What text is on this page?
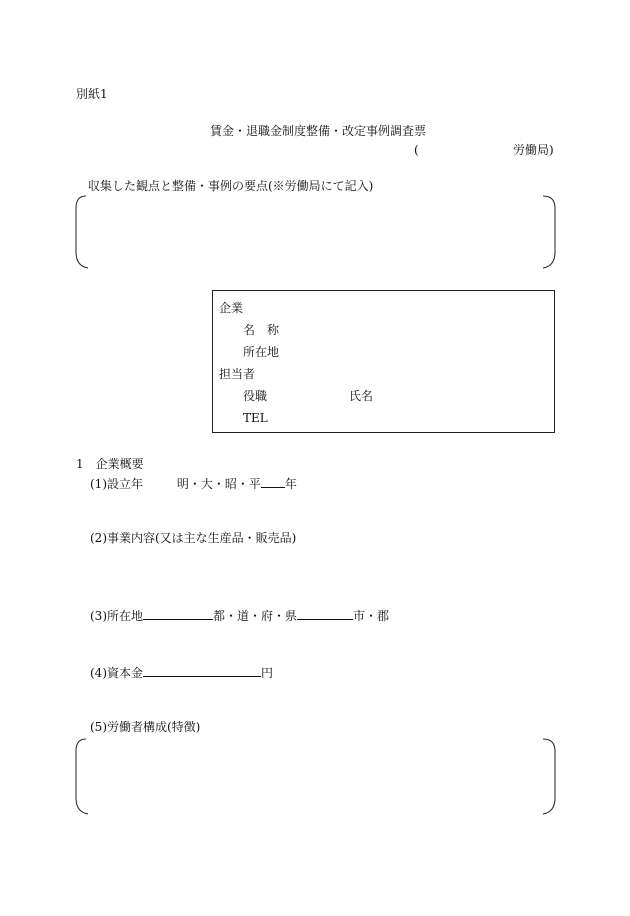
別紙1
賃金・退職金制度整備・改定事例調査票
(	労働局)
収集した観点と整備・事例の要点(※労働局にて記入)
企業
名　称
所在地
担当者
役職	氏名
TEL
1　企業概要
(1)設立年	明・大・昭・平 年
(2)事業内容(又は主な生産品・販売品)
(3)所在地	都・道・府・県	市・郡
(4)資本金	円
(5)労働者構成(特徴)
